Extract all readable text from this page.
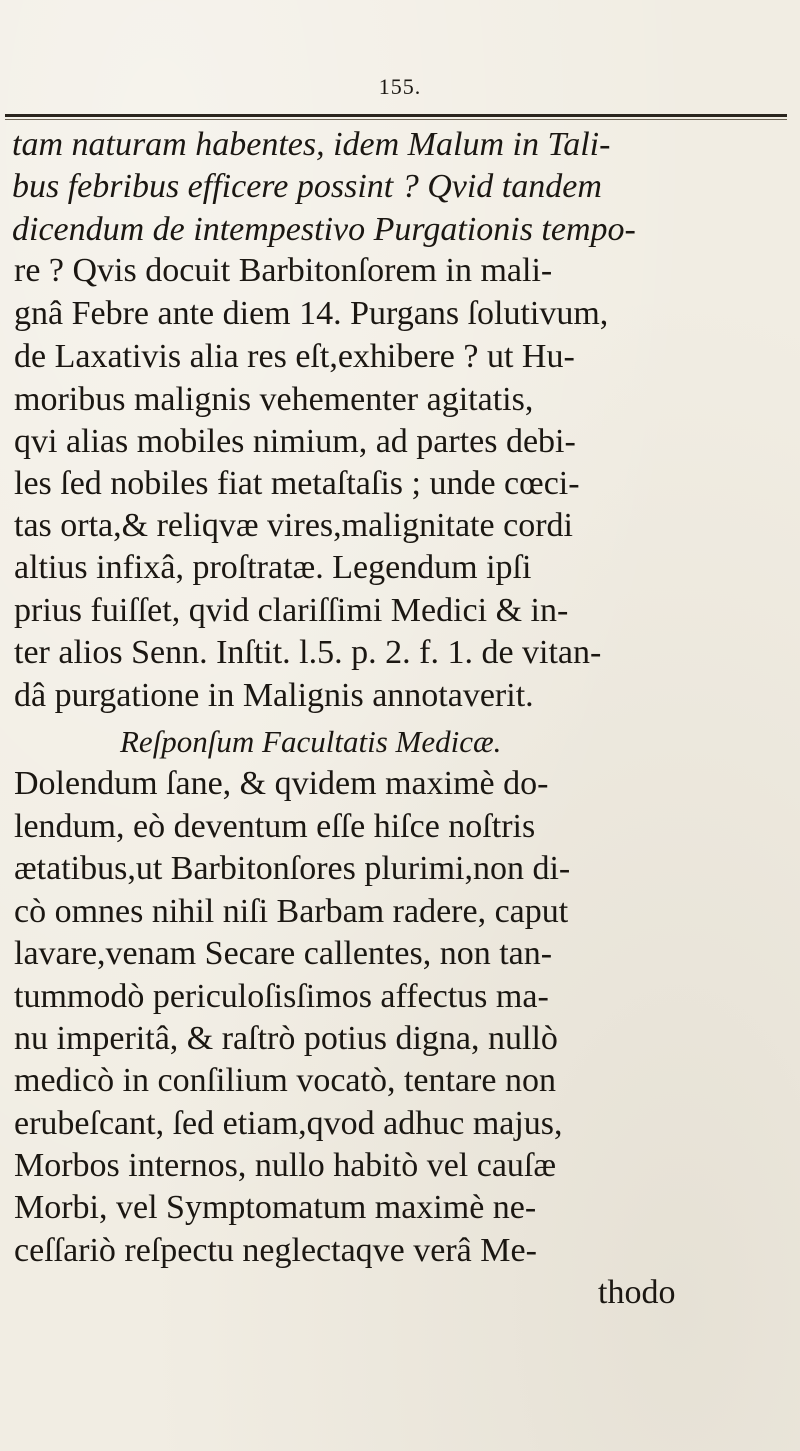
155.
tam naturam habentes, idem Malum in Tali-
bus febribus efficere possint ? Qvid tandem
dicendum de intempestivo Purgationis tempo-
re ? Qvis docuit Barbitonſorem in mali-
gnâ Febre ante diem 14. Purgans ſolutivum,
de Laxativis alia res eſt,exhibere ? ut Hu-
moribus malignis vehementer agitatis,
qvi alias mobiles nimium, ad partes debi-
les ſed nobiles fiat metaſtaſis ; unde cœci-
tas orta,& reliqvæ vires,malignitate cordi
altius infixâ, proſtratæ. Legendum ipſi
prius fuiſſet, qvid clariſſimi Medici & in-
ter alios Senn. Inſtit. l.5. p. 2. f. 1. de vitan-
dâ purgatione in Malignis annotaverit.
Reſponſum Facultatis Medicæ.
Dolendum ſane, & qvidem maximè do-
lendum, eò deventum eſſe hiſce noſtris
ætatibus,ut Barbitonſores plurimi,non di-
cò omnes nihil niſi Barbam radere, caput
lavare,venam Secare callentes, non tan-
tummodò periculoſisſimos affectus ma-
nu imperitâ, & raſtrò potius digna, nullò
medicò in conſilium vocatò, tentare non
erubeſcant, ſed etiam,qvod adhuc majus,
Morbos internos, nullo habitò vel cauſæ
Morbi, vel Symptomatum maximè ne-
ceſſariò reſpectu neglectaqve verâ Me-
thodo
